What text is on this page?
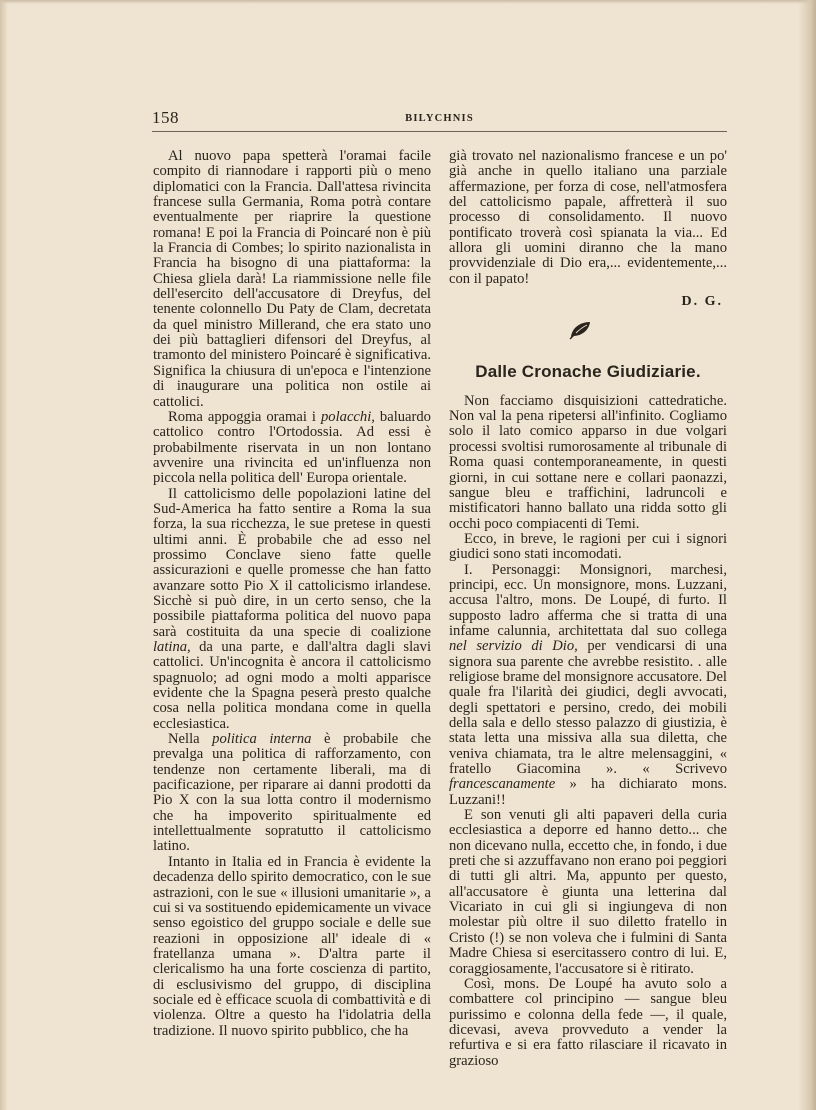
158	BILYCHNIS

Al nuovo papa spetterà l'oramai facile compito di riannodare i rapporti più o meno diplomatici con la Francia. Dall'attesa rivincita francese sulla Germania, Roma potrà contare eventualmente per riaprire la questione romana! E poi la Francia di Poincaré non è più la Francia di Combes; lo spirito nazionalista in Francia ha bisogno di una piattaforma: la Chiesa gliela darà! La riammissione nelle file dell'esercito dell'accusatore di Dreyfus, del tenente colonnello Du Paty de Clam, decretata da quel ministro Millerand, che era stato uno dei più battaglieri difensori del Dreyfus, al tramonto del ministero Poincaré è significativa. Significa la chiusura di un'epoca e l'intenzione di inaugurare una politica non ostile ai cattolici.

Roma appoggia oramai i polacchi, baluardo cattolico contro l'Ortodossia. Ad essi è probabilmente riservata in un non lontano avvenire una rivincita ed un'influenza non piccola nella politica dell' Europa orientale.

Il cattolicismo delle popolazioni latine del Sud-America ha fatto sentire a Roma la sua forza, la sua ricchezza, le sue pretese in questi ultimi anni. È probabile che ad esso nel prossimo Conclave sieno fatte quelle assicurazioni e quelle promesse che han fatto avanzare sotto Pio X il cattolicismo irlandese. Sicchè si può dire, in un certo senso, che la possibile piattaforma politica del nuovo papa sarà costituita da una specie di coalizione latina, da una parte, e dall'altra dagli slavi cattolici. Un'incognita è ancora il cattolicismo spagnuolo; ad ogni modo a molti apparisce evidente che la Spagna peserà presto qualche cosa nella politica mondana come in quella ecclesiastica.

Nella politica interna è probabile che prevalga una politica di rafforzamento, con tendenze non certamente liberali, ma di pacificazione, per riparare ai danni prodotti da Pio X con la sua lotta contro il modernismo che ha impoverito spiritualmente ed intellettualmente sopratutto il cattolicismo latino.

Intanto in Italia ed in Francia è evidente la decadenza dello spirito democratico, con le sue astrazioni, con le sue « illusioni umanitarie », a cui si va sostituendo epidemicamente un vivace senso egoistico del gruppo sociale e delle sue reazioni in opposizione all' ideale di « fratellanza umana ». D'altra parte il clericalismo ha una forte coscienza di partito, di esclusivismo del gruppo, di disciplina sociale ed è efficace scuola di combattività e di violenza. Oltre a questo ha l'idolatria della tradizione. Il nuovo spirito pubblico, che ha

già trovato nel nazionalismo francese e un po' già anche in quello italiano una parziale affermazione, per forza di cose, nell'atmosfera del cattolicismo papale, affretterà il suo processo di consolidamento. Il nuovo pontificato troverà così spianata la via... Ed allora gli uomini diranno che la mano provvidenziale di Dio era,... evidentemente,... con il papato!

D. G.
Dalle Cronache Giudiziarie.

Non facciamo disquisizioni cattedratiche. Non val la pena ripetersi all'infinito. Cogliamo solo il lato comico apparso in due volgari processi svoltisi rumorosamente al tribunale di Roma quasi contemporaneamente, in questi giorni, in cui sottane nere e collari paonazzi, sangue bleu e traffichini, ladruncoli e mistificatori hanno ballato una ridda sotto gli occhi poco compiacenti di Temi.

Ecco, in breve, le ragioni per cui i signori giudici sono stati incomodati.

I. Personaggi: Monsignori, marchesi, principi, ecc. Un monsignore, mons. Luzzani, accusa l'altro, mons. De Loupé, di furto. Il supposto ladro afferma che si tratta di una infame calunnia, architettata dal suo collega nel servizio di Dio, per vendicarsi di una signora sua parente che avrebbe resistito. . alle religiose brame del monsignore accusatore. Del quale fra l'ilarità dei giudici, degli avvocati, degli spettatori e persino, credo, dei mobili della sala e dello stesso palazzo di giustizia, è stata letta una missiva alla sua diletta, che veniva chiamata, tra le altre melensaggini, « fratello Giacomina ». « Scrivevo francescanamente » ha dichiarato mons. Luzzani!!

E son venuti gli alti papaveri della curia ecclesiastica a deporre ed hanno detto... che non dicevano nulla, eccetto che, in fondo, i due preti che si azzuffavano non erano poi peggiori di tutti gli altri. Ma, appunto per questo, all'accusatore è giunta una letterina dal Vicariato in cui gli si ingiungeva di non molestar più oltre il suo diletto fratello in Cristo (!) se non voleva che i fulmini di Santa Madre Chiesa si esercitassero contro di lui. E, coraggiosamente, l'accusatore si è ritirato.

Così, mons. De Loupé ha avuto solo a combattere col principino — sangue bleu purissimo e colonna della fede —, il quale, dicevasi, aveva provveduto a vender la refurtiva e si era fatto rilasciare il ricavato in grazioso
